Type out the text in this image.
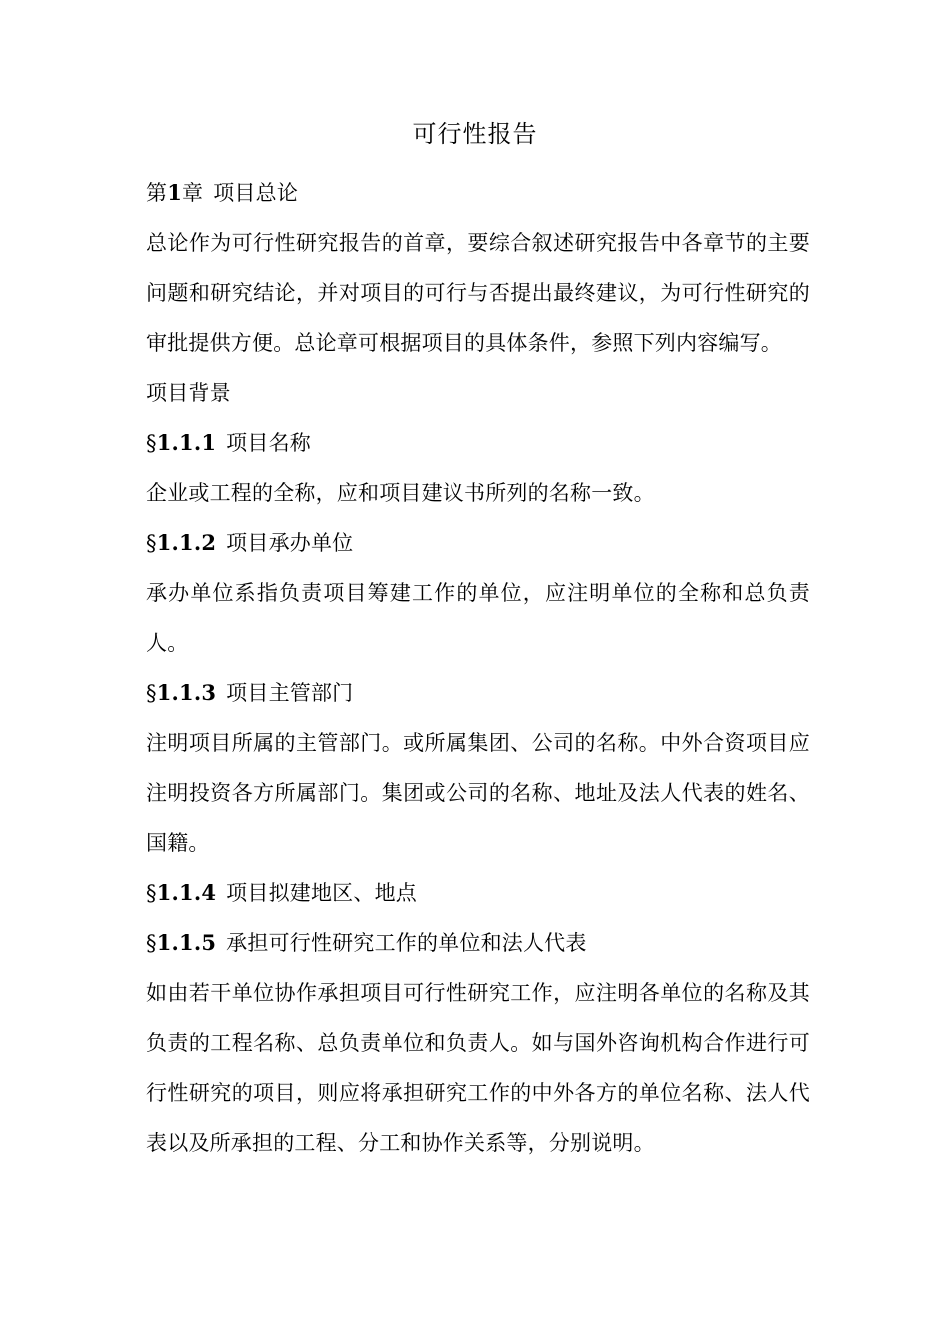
可行性报告

第1章 项目总论

总论作为可行性研究报告的首章，要综合叙述研究报告中各章节的主要问题和研究结论，并对项目的可行与否提出最终建议，为可行性研究的审批提供方便。总论章可根据项目的具体条件，参照下列内容编写。

项目背景

§1.1.1 项目名称

企业或工程的全称，应和项目建议书所列的名称一致。

§1.1.2 项目承办单位

承办单位系指负责项目筹建工作的单位，应注明单位的全称和总负责人。

§1.1.3 项目主管部门

注明项目所属的主管部门。或所属集团、公司的名称。中外合资项目应注明投资各方所属部门。集团或公司的名称、地址及法人代表的姓名、国籍。

§1.1.4 项目拟建地区、地点

§1.1.5 承担可行性研究工作的单位和法人代表

如由若干单位协作承担项目可行性研究工作，应注明各单位的名称及其负责的工程名称、总负责单位和负责人。如与国外咨询机构合作进行可行性研究的项目，则应将承担研究工作的中外各方的单位名称、法人代表以及所承担的工程、分工和协作关系等，分别说明。
